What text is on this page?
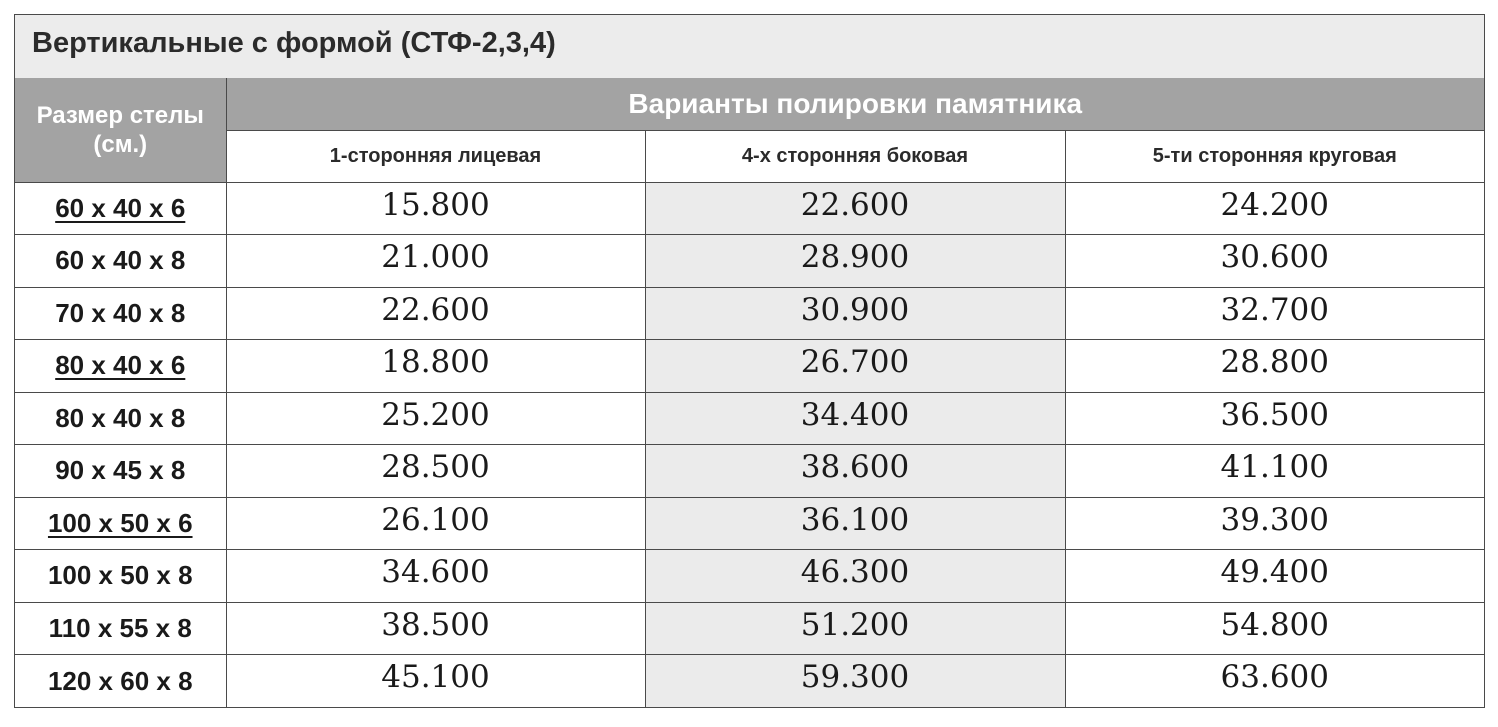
Вертикальные с формой (СТФ-2,3,4)
Размер стелы
(см.)	Варианты полировки памятника		
	1-сторонняя лицевая	4-х сторонняя боковая	5-ти сторонняя круговая
60 х 40 х 6	15.800	22.600	24.200
60 х 40 х 8	21.000	28.900	30.600
70 х 40 х 8	22.600	30.900	32.700
80 х 40 х 6	18.800	26.700	28.800
80 х 40 х 8	25.200	34.400	36.500
90 х 45 х 8	28.500	38.600	41.100
100 х 50 х 6	26.100	36.100	39.300
100 х 50 х 8	34.600	46.300	49.400
110 х 55 х 8	38.500	51.200	54.800
120 х 60 х 8	45.100	59.300	63.600
